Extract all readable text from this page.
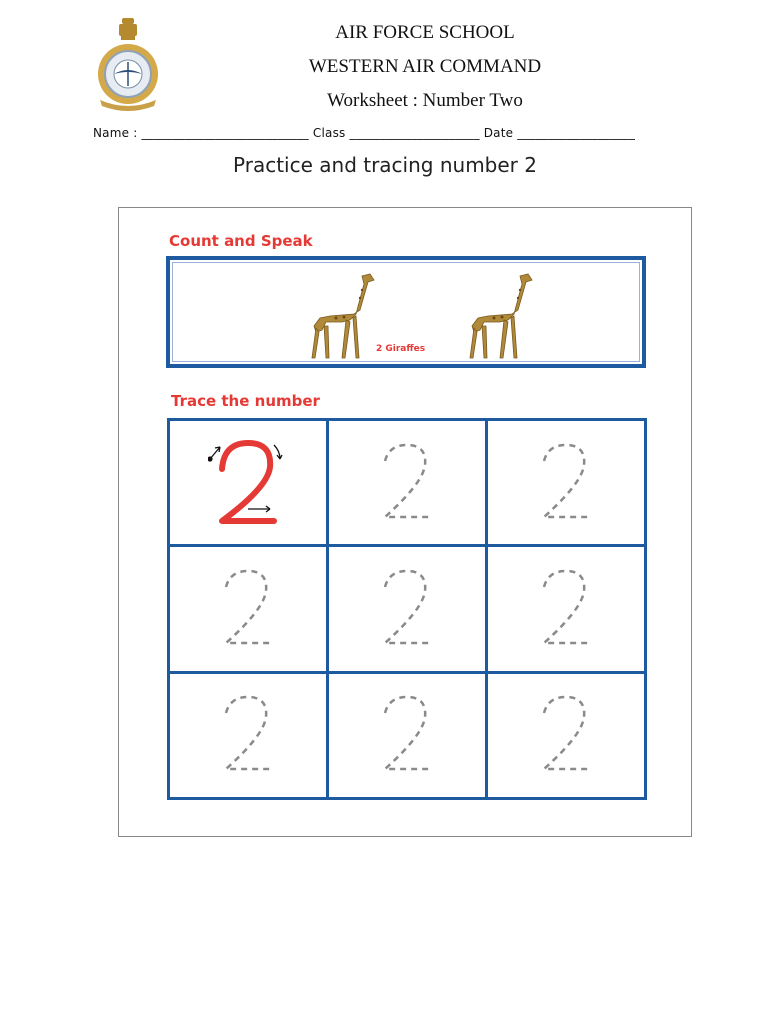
AIR FORCE SCHOOL
WESTERN AIR COMMAND
Worksheet : Number Two
Name : ___________________________ Class _____________________ Date ___________________
Practice and tracing number 2
Count and Speak
2 Giraffes
Trace the number
